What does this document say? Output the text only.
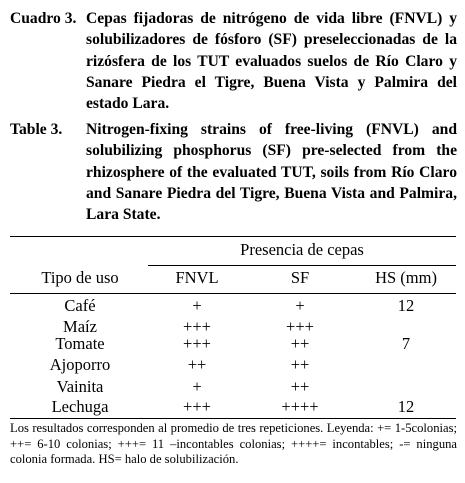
Cuadro 3. Cepas fijadoras de nitrógeno de vida libre (FNVL) y solubilizadores de fósforo (SF) preseleccionadas de la rizósfera de los TUT evaluados suelos de Río Claro y Sanare Piedra el Tigre, Buena Vista y Palmira del estado Lara.
Table 3. Nitrogen-fixing strains of free-living (FNVL) and solubilizing phosphorus (SF) pre-selected from the rhizosphere of the evaluated TUT, soils from Río Claro and Sanare Piedra del Tigre, Buena Vista and Palmira, Lara State.
Presencia de cepas
Tipo de uso	FNVL	SF	HS (mm)
Café	+	+	12
Maíz	+++	+++
Tomate	+++	++	7
Ajoporro	++	++
Vainita	+	++
Lechuga	+++	++++	12
Los resultados corresponden al promedio de tres repeticiones. Leyenda: += 1-5colonias; ++= 6-10 colonias; +++= 11 –incontables colonias; ++++= incontables; -= ninguna colonia formada. HS= halo de solubilización.
